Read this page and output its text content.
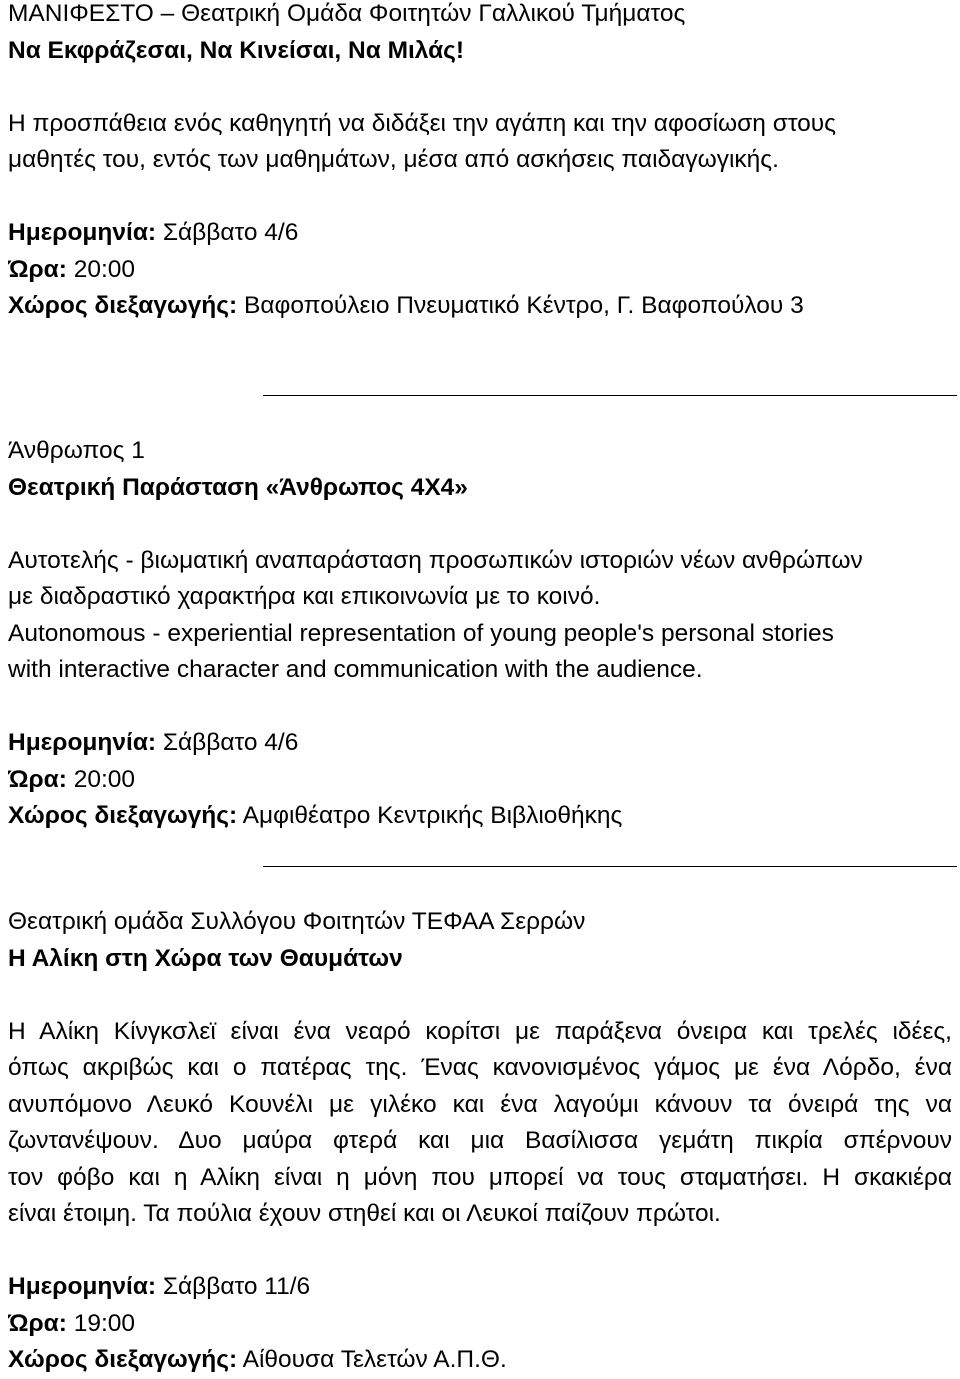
ΜΑΝΙΦΕΣΤΟ – Θεατρική Ομάδα Φοιτητών Γαλλικού Τμήματος
Να Εκφράζεσαι, Να Κινείσαι, Να Μιλάς!
Η προσπάθεια ενός καθηγητή να διδάξει την αγάπη και την αφοσίωση στους
μαθητές του, εντός των μαθημάτων, μέσα από ασκήσεις παιδαγωγικής.
Ημερομηνία: Σάββατο 4/6
Ώρα: 20:00
Χώρος διεξαγωγής: Βαφοπούλειο Πνευματικό Κέντρο, Γ. Βαφοπούλου 3
Άνθρωπος 1
Θεατρική Παράσταση «Άνθρωπος 4Χ4»
Αυτοτελής - βιωματική αναπαράσταση προσωπικών ιστοριών νέων ανθρώπων
με διαδραστικό χαρακτήρα και επικοινωνία με το κοινό.
Autonomous - experiential representation of young people's personal stories
with interactive character and communication with the audience.
Ημερομηνία: Σάββατο 4/6
Ώρα: 20:00
Χώρος διεξαγωγής: Αμφιθέατρο Κεντρικής Βιβλιοθήκης
Θεατρική ομάδα Συλλόγου Φοιτητών ΤΕΦΑΑ Σερρών
Η Αλίκη στη Χώρα των Θαυμάτων
Η Αλίκη Κίνγκσλεϊ είναι ένα νεαρό κορίτσι με παράξενα όνειρα και τρελές ιδέες,
όπως ακριβώς και ο πατέρας της. Ένας κανονισμένος γάμος με ένα Λόρδο, ένα
ανυπόμονο Λευκό Κουνέλι με γιλέκο και ένα λαγούμι κάνουν τα όνειρά της να
ζωντανέψουν. Δυο μαύρα φτερά και μια Βασίλισσα γεμάτη πικρία σπέρνουν
τον φόβο και η Αλίκη είναι η μόνη που μπορεί να τους σταματήσει. Η σκακιέρα
είναι έτοιμη. Τα πούλια έχουν στηθεί και οι Λευκοί παίζουν πρώτοι.
Ημερομηνία: Σάββατο 11/6
Ώρα: 19:00
Χώρος διεξαγωγής: Αίθουσα Τελετών Α.Π.Θ.
